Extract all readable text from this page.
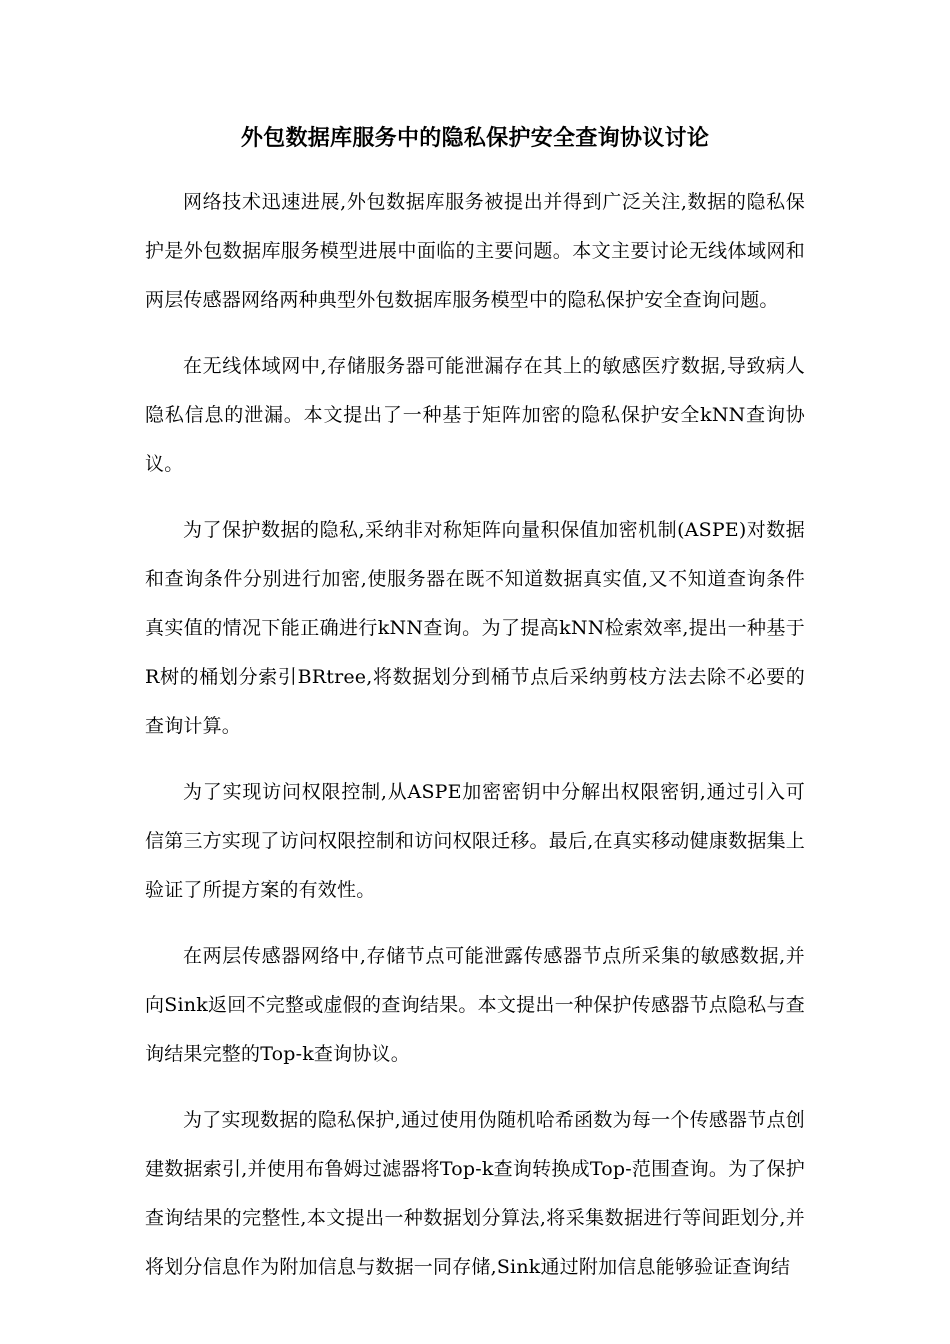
外包数据库服务中的隐私保护安全查询协议讨论

网络技术迅速进展,外包数据库服务被提出并得到广泛关注,数据的隐私保护是外包数据库服务模型进展中面临的主要问题。本文主要讨论无线体域网和两层传感器网络两种典型外包数据库服务模型中的隐私保护安全查询问题。

在无线体域网中,存储服务器可能泄漏存在其上的敏感医疗数据,导致病人隐私信息的泄漏。本文提出了一种基于矩阵加密的隐私保护安全kNN查询协议。

为了保护数据的隐私,采纳非对称矩阵向量积保值加密机制(ASPE)对数据和查询条件分别进行加密,使服务器在既不知道数据真实值,又不知道查询条件真实值的情况下能正确进行kNN查询。为了提高kNN检索效率,提出一种基于R树的桶划分索引BRtree,将数据划分到桶节点后采纳剪枝方法去除不必要的查询计算。

为了实现访问权限控制,从ASPE加密密钥中分解出权限密钥,通过引入可信第三方实现了访问权限控制和访问权限迁移。最后,在真实移动健康数据集上验证了所提方案的有效性。

在两层传感器网络中,存储节点可能泄露传感器节点所采集的敏感数据,并向Sink返回不完整或虚假的查询结果。本文提出一种保护传感器节点隐私与查询结果完整的Top-k查询协议。

为了实现数据的隐私保护,通过使用伪随机哈希函数为每一个传感器节点创建数据索引,并使用布鲁姆过滤器将Top-k查询转换成Top-范围查询。为了保护查询结果的完整性,本文提出一种数据划分算法,将采集数据进行等间距划分,并将划分信息作为附加信息与数据一同存储,Sink通过附加信息能够验证查询结
